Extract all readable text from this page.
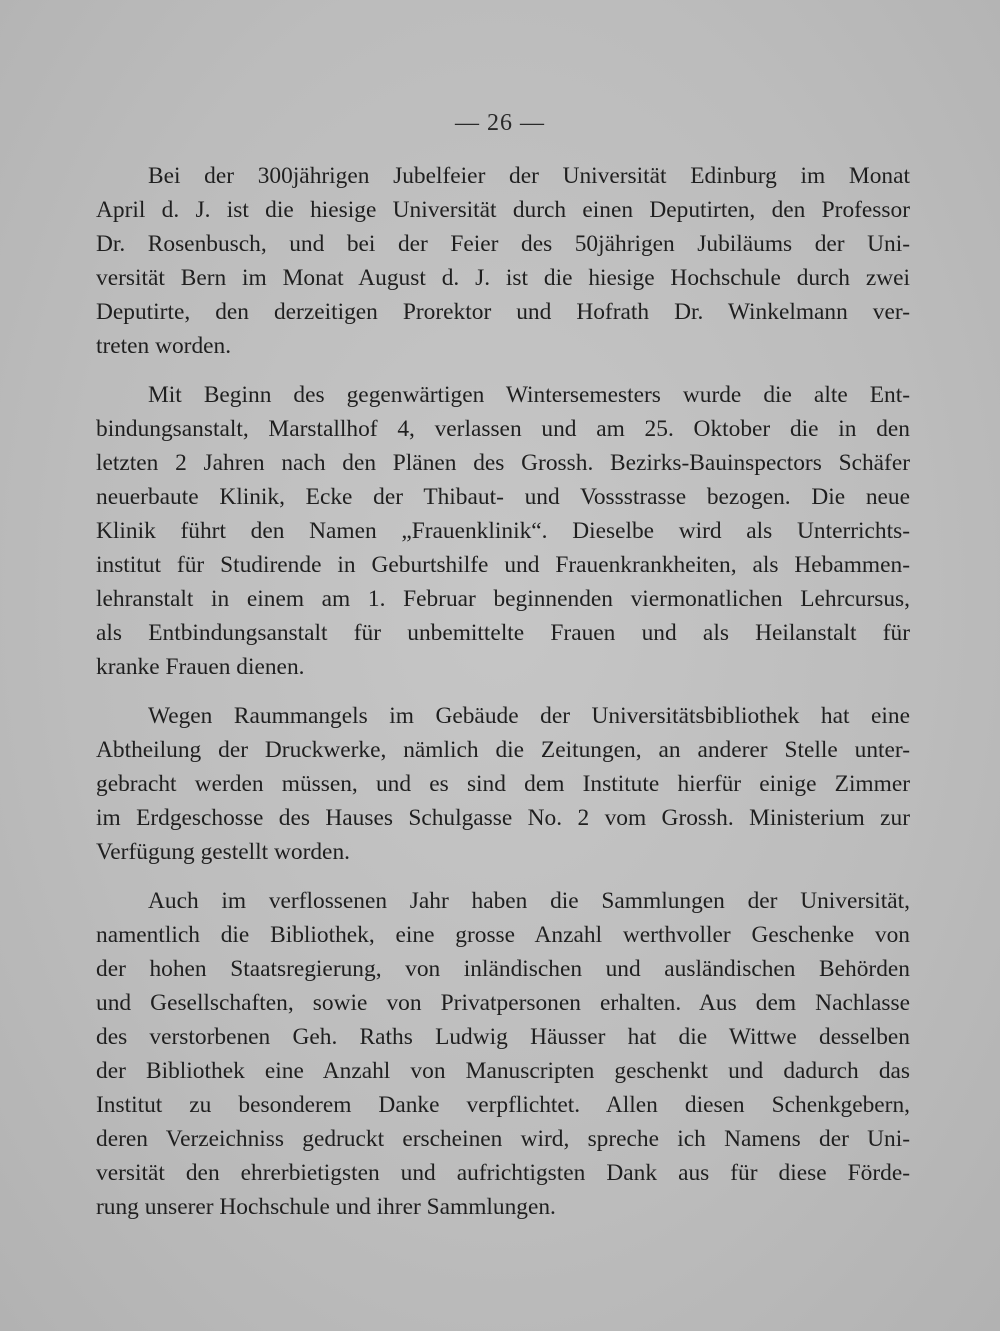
— 26 —

Bei der 300jährigen Jubelfeier der Universität Edinburg im Monat
April d. J. ist die hiesige Universität durch einen Deputirten, den Professor
Dr. Rosenbusch, und bei der Feier des 50jährigen Jubiläums der Uni-
versität Bern im Monat August d. J. ist die hiesige Hochschule durch zwei
Deputirte, den derzeitigen Prorektor und Hofrath Dr. Winkelmann ver-
treten worden.

Mit Beginn des gegenwärtigen Wintersemesters wurde die alte Ent-
bindungsanstalt, Marstallhof 4, verlassen und am 25. Oktober die in den
letzten 2 Jahren nach den Plänen des Grossh. Bezirks-Bauinspectors Schäfer
neuerbaute Klinik, Ecke der Thibaut- und Vossstrasse bezogen. Die neue
Klinik führt den Namen „Frauenklinik“. Dieselbe wird als Unterrichts-
institut für Studirende in Geburtshilfe und Frauenkrankheiten, als Hebammen-
lehranstalt in einem am 1. Februar beginnenden viermonatlichen Lehrcursus,
als Entbindungsanstalt für unbemittelte Frauen und als Heilanstalt für
kranke Frauen dienen.

Wegen Raummangels im Gebäude der Universitätsbibliothek hat eine
Abtheilung der Druckwerke, nämlich die Zeitungen, an anderer Stelle unter-
gebracht werden müssen, und es sind dem Institute hierfür einige Zimmer
im Erdgeschosse des Hauses Schulgasse No. 2 vom Grossh. Ministerium zur
Verfügung gestellt worden.

Auch im verflossenen Jahr haben die Sammlungen der Universität,
namentlich die Bibliothek, eine grosse Anzahl werthvoller Geschenke von
der hohen Staatsregierung, von inländischen und ausländischen Behörden
und Gesellschaften, sowie von Privatpersonen erhalten. Aus dem Nachlasse
des verstorbenen Geh. Raths Ludwig Häusser hat die Wittwe desselben
der Bibliothek eine Anzahl von Manuscripten geschenkt und dadurch das
Institut zu besonderem Danke verpflichtet. Allen diesen Schenkgebern,
deren Verzeichniss gedruckt erscheinen wird, spreche ich Namens der Uni-
versität den ehrerbietigsten und aufrichtigsten Dank aus für diese Förde-
rung unserer Hochschule und ihrer Sammlungen.
